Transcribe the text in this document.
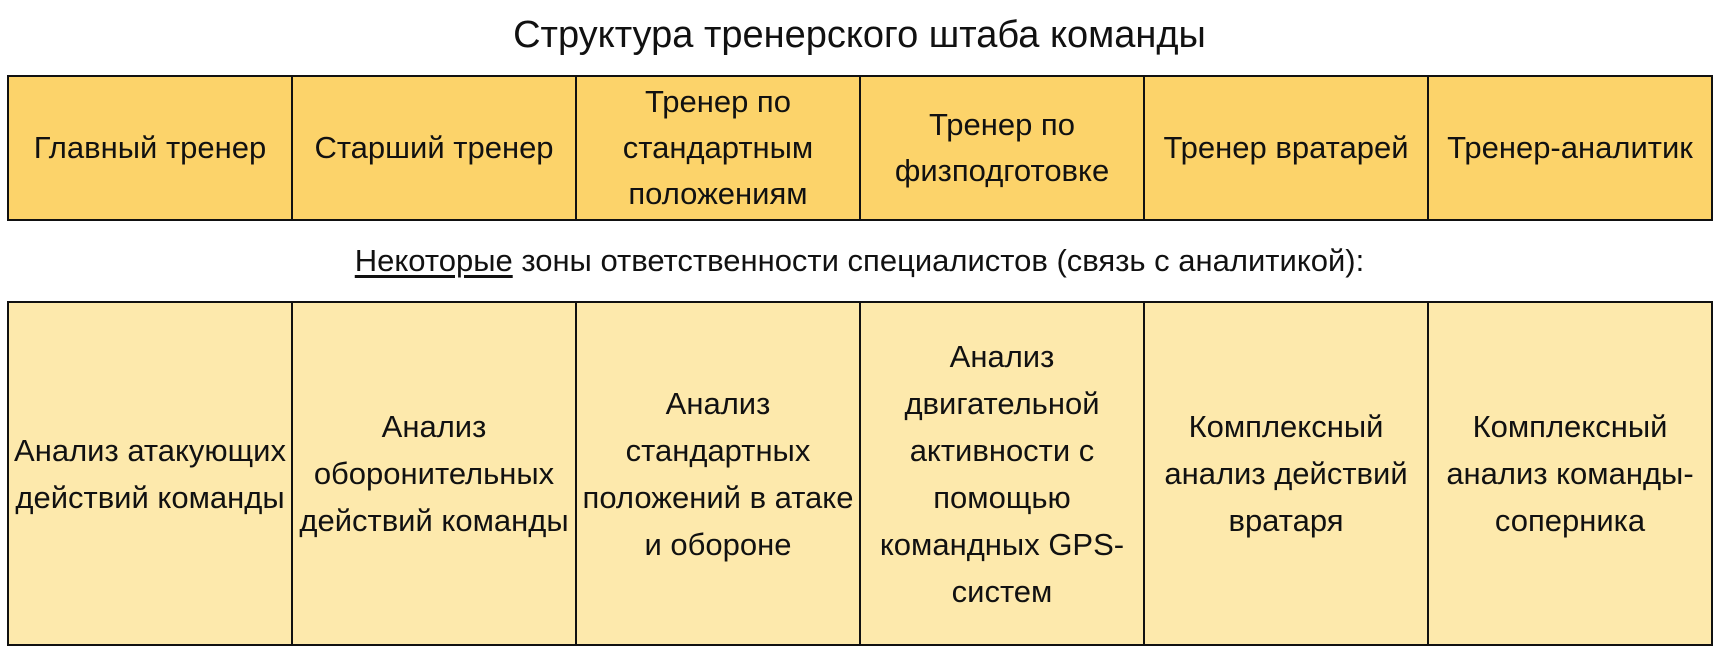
Структура тренерского штаба команды
Главный тренер	Старший тренер
Тренер по стандартным положениям
Тренер по физподготовке
Тренер вратарей	Тренер-аналитик
Некоторые зоны ответственности специалистов (связь с аналитикой):
Анализ атакующих действий команды
Анализ оборонительных действий команды
Анализ стандартных положений в атаке и обороне
Анализ двигательной активности с помощью командных GPS-систем
Комплексный анализ действий вратаря
Комплексный анализ команды-соперника
